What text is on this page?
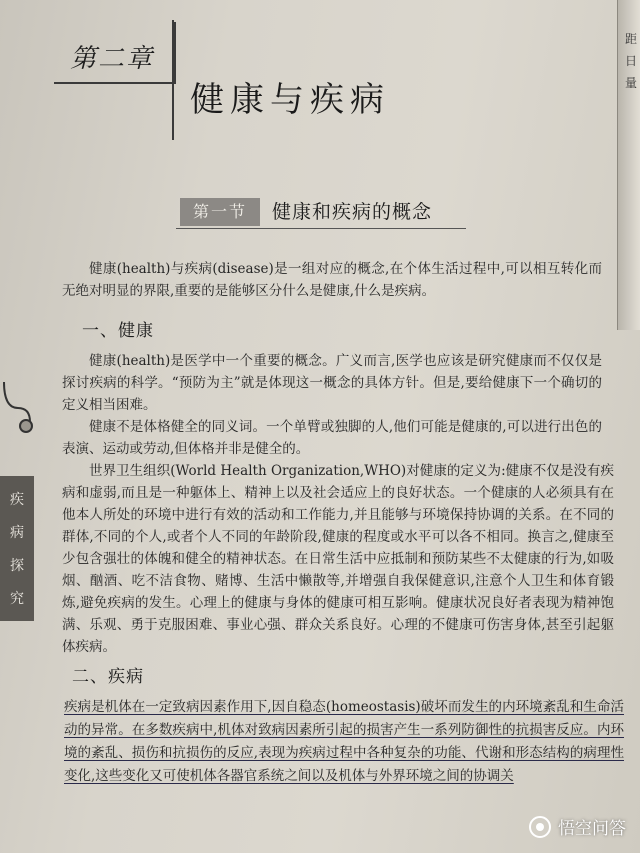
距
日
量
第二章
健康与疾病
第一节	健康和疾病的概念

健康(health)与疾病(disease)是一组对应的概念,在个体生活过程中,可以相互转化而无绝对明显的界限,重要的是能够区分什么是健康,什么是疾病。

一、健康

健康(health)是医学中一个重要的概念。广义而言,医学也应该是研究健康而不仅仅是探讨疾病的科学。“预防为主”就是体现这一概念的具体方针。但是,要给健康下一个确切的定义相当困难。

健康不是体格健全的同义词。一个单臂或独脚的人,他们可能是健康的,可以进行出色的表演、运动或劳动,但体格并非是健全的。

世界卫生组织(World Health Organization,WHO)对健康的定义为:健康不仅是没有疾病和虚弱,而且是一种躯体上、精神上以及社会适应上的良好状态。一个健康的人必须具有在他本人所处的环境中进行有效的活动和工作能力,并且能够与环境保持协调的关系。在不同的群体,不同的个人,或者个人不同的年龄阶段,健康的程度或水平可以各不相同。换言之,健康至少包含强壮的体魄和健全的精神状态。在日常生活中应抵制和预防某些不太健康的行为,如吸烟、酗酒、吃不洁食物、赌博、生活中懒散等,并增强自我保健意识,注意个人卫生和体育锻炼,避免疾病的发生。心理上的健康与身体的健康可相互影响。健康状况良好者表现为精神饱满、乐观、勇于克服困难、事业心强、群众关系良好。心理的不健康可伤害身体,甚至引起躯体疾病。

二、疾病

疾病是机体在一定致病因素作用下,因自稳态(homeostasis)破坏而发生的内环境紊乱和生命活动的异常。在多数疾病中,机体对致病因素所引起的损害产生一系列防御性的抗损害反应。内环境的紊乱、损伤和抗损伤的反应,表现为疾病过程中各种复杂的功能、代谢和形态结构的病理性变化,这些变化又可使机体各器官系统之间以及机体与外界环境之间的协调关

疾
病
探
究
悟空问答
